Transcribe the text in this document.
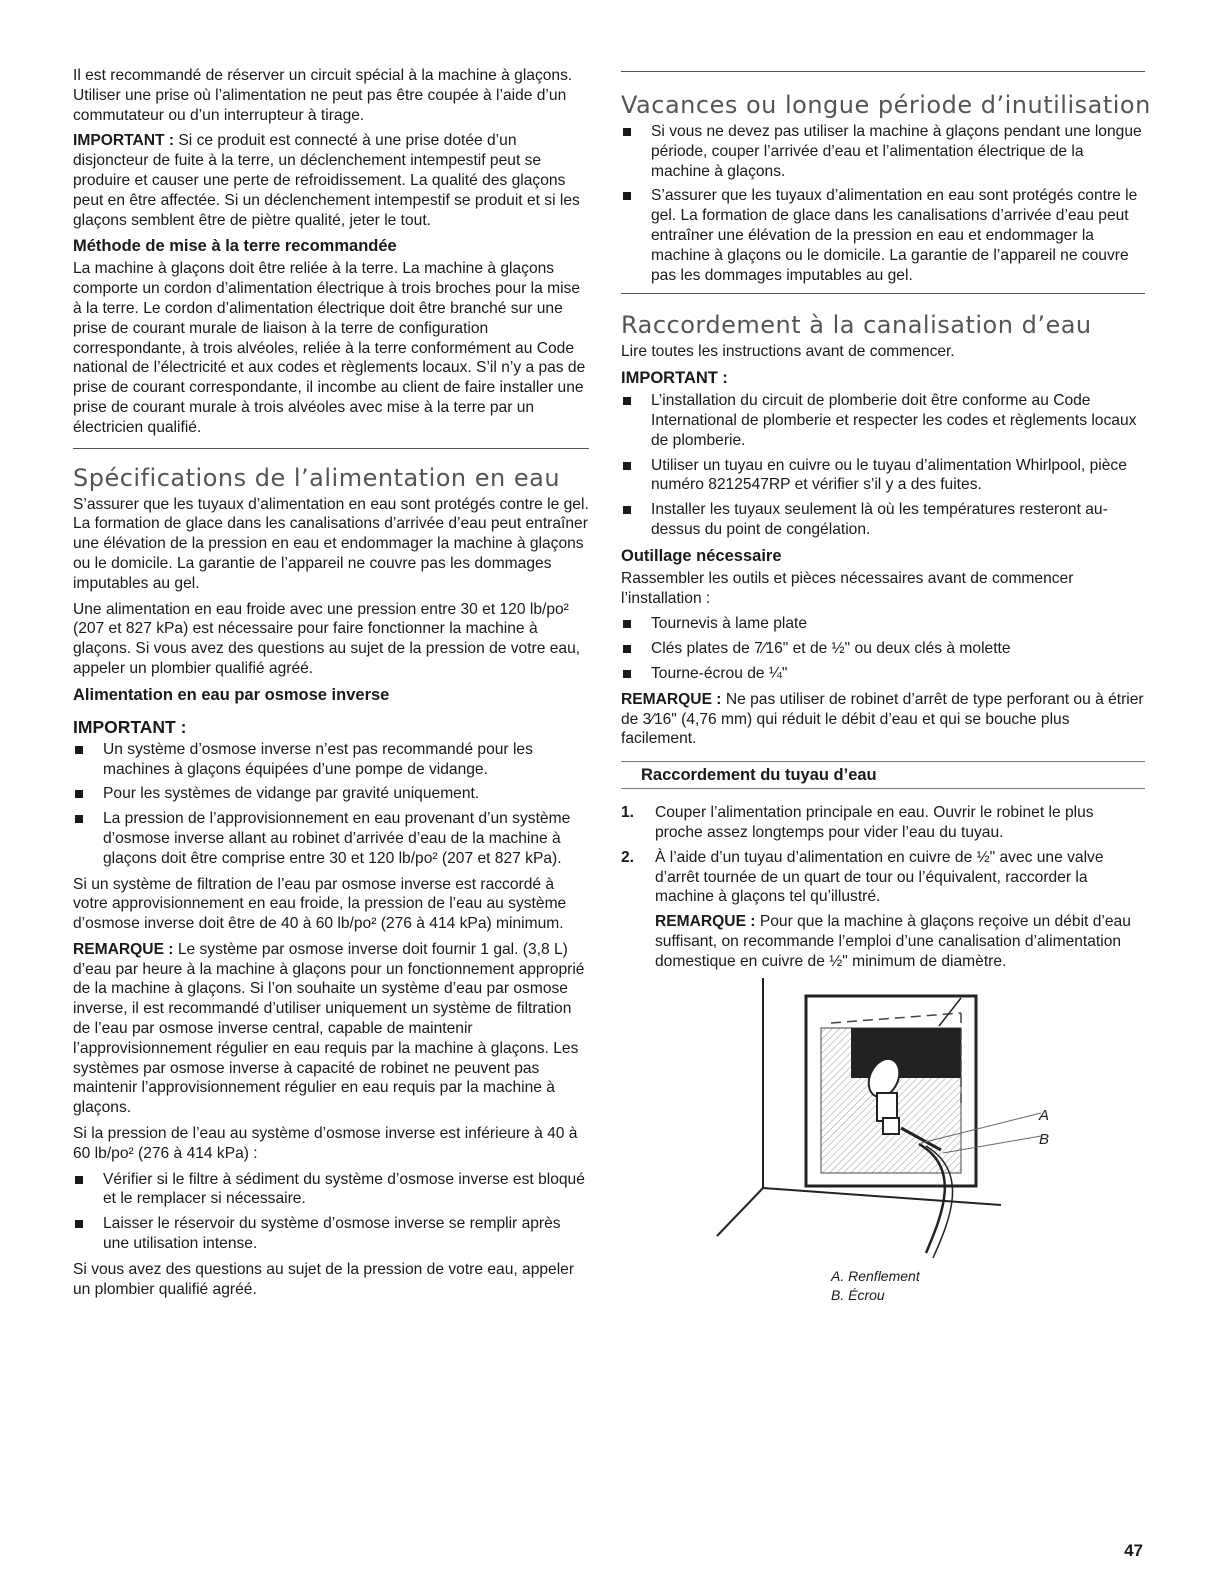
Il est recommandé de réserver un circuit spécial à la machine à glaçons. Utiliser une prise où l’alimentation ne peut pas être coupée à l’aide d’un commutateur ou d’un interrupteur à tirage.

IMPORTANT : Si ce produit est connecté à une prise dotée d’un disjoncteur de fuite à la terre, un déclenchement intempestif peut se produire et causer une perte de refroidissement. La qualité des glaçons peut en être affectée. Si un déclenchement intempestif se produit et si les glaçons semblent être de piètre qualité, jeter le tout.

Méthode de mise à la terre recommandée

La machine à glaçons doit être reliée à la terre. La machine à glaçons comporte un cordon d’alimentation électrique à trois broches pour la mise à la terre. Le cordon d’alimentation électrique doit être branché sur une prise de courant murale de liaison à la terre de configuration correspondante, à trois alvéoles, reliée à la terre conformément au Code national de l’électricité et aux codes et règlements locaux. S’il n’y a pas de prise de courant correspondante, il incombe au client de faire installer une prise de courant murale à trois alvéoles avec mise à la terre par un électricien qualifié.

Spécifications de l’alimentation en eau

S’assurer que les tuyaux d’alimentation en eau sont protégés contre le gel. La formation de glace dans les canalisations d’arrivée d’eau peut entraîner une élévation de la pression en eau et endommager la machine à glaçons ou le domicile. La garantie de l’appareil ne couvre pas les dommages imputables au gel.

Une alimentation en eau froide avec une pression entre 30 et 120 lb/po² (207 et 827 kPa) est nécessaire pour faire fonctionner la machine à glaçons. Si vous avez des questions au sujet de la pression de votre eau, appeler un plombier qualifié agréé.

Alimentation en eau par osmose inverse
IMPORTANT :
Un système d’osmose inverse n’est pas recommandé pour les machines à glaçons équipées d’une pompe de vidange.
Pour les systèmes de vidange par gravité uniquement.
La pression de l’approvisionnement en eau provenant d’un système d’osmose inverse allant au robinet d’arrivée d’eau de la machine à glaçons doit être comprise entre 30 et 120 lb/po² (207 et 827 kPa).

Si un système de filtration de l’eau par osmose inverse est raccordé à votre approvisionnement en eau froide, la pression de l’eau au système d’osmose inverse doit être de 40 à 60 lb/po² (276 à 414 kPa) minimum.

REMARQUE : Le système par osmose inverse doit fournir 1 gal. (3,8 L) d’eau par heure à la machine à glaçons pour un fonctionnement approprié de la machine à glaçons. Si l’on souhaite un système d’eau par osmose inverse, il est recommandé d’utiliser uniquement un système de filtration de l’eau par osmose inverse central, capable de maintenir l’approvisionnement régulier en eau requis par la machine à glaçons. Les systèmes par osmose inverse à capacité de robinet ne peuvent pas maintenir l’approvisionnement régulier en eau requis par la machine à glaçons.

Si la pression de l’eau au système d’osmose inverse est inférieure à 40 à 60 lb/po² (276 à 414 kPa) :

Vérifier si le filtre à sédiment du système d’osmose inverse est bloqué et le remplacer si nécessaire.
Laisser le réservoir du système d’osmose inverse se remplir après une utilisation intense.

Si vous avez des questions au sujet de la pression de votre eau, appeler un plombier qualifié agréé.

Vacances ou longue période d’inutilisation
Si vous ne devez pas utiliser la machine à glaçons pendant une longue période, couper l’arrivée d’eau et l’alimentation électrique de la machine à glaçons.
S’assurer que les tuyaux d’alimentation en eau sont protégés contre le gel. La formation de glace dans les canalisations d’arrivée d’eau peut entraîner une élévation de la pression en eau et endommager la machine à glaçons ou le domicile. La garantie de l’appareil ne couvre pas les dommages imputables au gel.
Raccordement à la canalisation d’eau

Lire toutes les instructions avant de commencer.

IMPORTANT :
L’installation du circuit de plomberie doit être conforme au Code International de plomberie et respecter les codes et règlements locaux de plomberie.
Utiliser un tuyau en cuivre ou le tuyau d’alimentation Whirlpool, pièce numéro 8212547RP et vérifier s’il y a des fuites.
Installer les tuyaux seulement là où les températures resteront au-dessus du point de congélation.
Outillage nécessaire

Rassembler les outils et pièces nécessaires avant de commencer l’installation :

Tournevis à lame plate
Clés plates de 7⁄16" et de ½" ou deux clés à molette
Tourne-écrou de ¼"

REMARQUE : Ne pas utiliser de robinet d’arrêt de type perforant ou à étrier de 3⁄16" (4,76 mm) qui réduit le débit d’eau et qui se bouche plus facilement.

Raccordement du tuyau d’eau
1. Couper l’alimentation principale en eau. Ouvrir le robinet le plus proche assez longtemps pour vider l’eau du tuyau.
2. À l’aide d’un tuyau d’alimentation en cuivre de ½" avec une valve d’arrêt tournée de un quart de tour ou l’équivalent, raccorder la machine à glaçons tel qu’illustré.

REMARQUE : Pour que la machine à glaçons reçoive un débit d’eau suffisant, on recommande l’emploi d’une canalisation d’alimentation domestique en cuivre de ½" minimum de diamètre.

A
B
A. Renflement
B. Écrou
47
